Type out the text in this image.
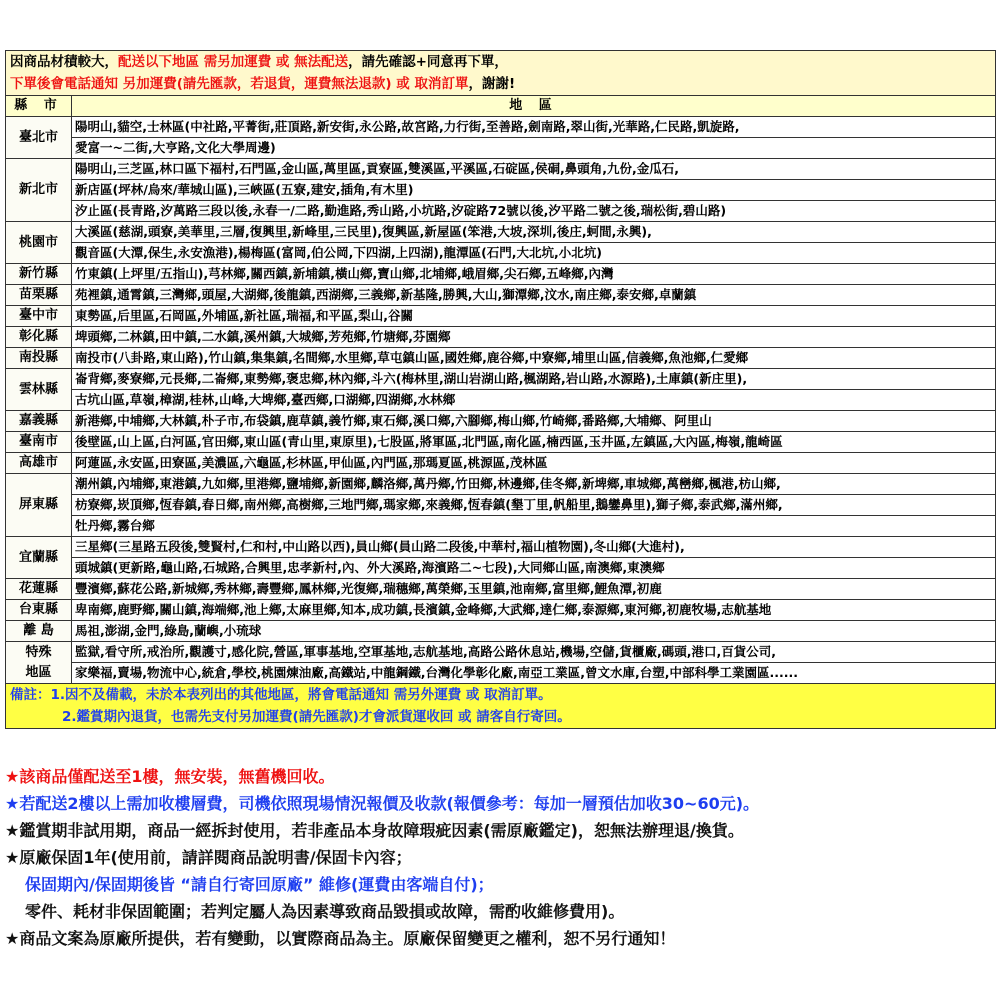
因商品材積較大，配送以下地區 需另加運費 或 無法配送，請先確認+同意再下單，
下單後會電話通知 另加運費(請先匯款，若退貨，運費無法退款) 或 取消訂單，謝謝!	

縣 市	地 區
臺北市	陽明山,貓空,士林區(中社路,平菁街,莊頂路,新安街,永公路,故宮路,力行街,至善路,劍南路,翠山街,光華路,仁民路,凱旋路,
	愛富一~二街,大亨路,文化大學周邊)
新北市	陽明山,三芝區,林口區下福村,石門區,金山區,萬里區,貢寮區,雙溪區,平溪區,石碇區,侯硐,鼻頭角,九份,金瓜石,
	新店區(坪林/烏來/華城山區),三峽區(五寮,建安,插角,有木里)
	汐止區(長青路,汐萬路三段以後,永春一/二路,勤進路,秀山路,小坑路,汐碇路72號以後,汐平路二號之後,瑞松街,碧山路)
桃園市	大溪區(慈湖,頭寮,美華里,三層,復興里,新峰里,三民里),復興區,新屋區(笨港,大坡,深圳,後庄,蚵間,永興),
	觀音區(大潭,保生,永安漁港),楊梅區(富岡,伯公岡,下四湖,上四湖),龍潭區(石門,大北坑,小北坑)
新竹縣	竹東鎮(上坪里/五指山),芎林鄉,關西鎮,新埔鎮,橫山鄉,寶山鄉,北埔鄉,峨眉鄉,尖石鄉,五峰鄉,內灣
苗栗縣	苑裡鎮,通霄鎮,三灣鄉,頭屋,大湖鄉,後龍鎮,西湖鄉,三義鄉,新基隆,勝興,大山,獅潭鄉,汶水,南庄鄉,泰安鄉,卓蘭鎮
臺中市	東勢區,后里區,石岡區,外埔區,新社區,瑞福,和平區,梨山,谷關
彰化縣	埤頭鄉,二林鎮,田中鎮,二水鎮,溪州鎮,大城鄉,芳苑鄉,竹塘鄉,芬園鄉
南投縣	南投市(八卦路,東山路),竹山鎮,集集鎮,名間鄉,水里鄉,草屯鎮山區,國姓鄉,鹿谷鄉,中寮鄉,埔里山區,信義鄉,魚池鄉,仁愛鄉
雲林縣	崙背鄉,麥寮鄉,元長鄉,二崙鄉,東勢鄉,褒忠鄉,林內鄉,斗六(梅林里,湖山岩湖山路,楓湖路,岩山路,水源路),土庫鎮(新庄里),
	古坑山區,草嶺,樟湖,桂林,山峰,大埤鄉,臺西鄉,口湖鄉,四湖鄉,水林鄉
嘉義縣	新港鄉,中埔鄉,大林鎮,朴子市,布袋鎮,鹿草鎮,義竹鄉,東石鄉,溪口鄉,六腳鄉,梅山鄉,竹崎鄉,番路鄉,大埔鄉、阿里山
臺南市	後壁區,山上區,白河區,官田鄉,東山區(青山里,東原里),七股區,將軍區,北門區,南化區,楠西區,玉井區,左鎮區,大內區,梅嶺,龍崎區
高雄市	阿蓮區,永安區,田寮區,美濃區,六龜區,杉林區,甲仙區,內門區,那瑪夏區,桃源區,茂林區
屏東縣	潮州鎮,內埔鄉,東港鎮,九如鄉,里港鄉,鹽埔鄉,新園鄉,麟洛鄉,萬丹鄉,竹田鄉,林邊鄉,佳冬鄉,新埤鄉,車城鄉,萬巒鄉,楓港,枋山鄉,
	枋寮鄉,崁頂鄉,恆春鎮,春日鄉,南州鄉,高樹鄉,三地門鄉,瑪家鄉,來義鄉,恆春鎮(墾丁里,帆船里,鵝鑾鼻里),獅子鄉,泰武鄉,滿州鄉,
	牡丹鄉,霧台鄉
宜蘭縣	三星鄉(三星路五段後,雙賢村,仁和村,中山路以西),員山鄉(員山路二段後,中華村,福山植物園),冬山鄉(大進村),
	頭城鎮(更新路,龜山路,石城路,合興里,忠孝新村,內、外大溪路,海濱路二~七段),大同鄉山區,南澳鄉,東澳鄉
花蓮縣	豐濱鄉,蘇花公路,新城鄉,秀林鄉,壽豐鄉,鳳林鄉,光復鄉,瑞穗鄉,萬榮鄉,玉里鎮,池南鄉,富里鄉,鯉魚潭,初鹿
台東縣	卑南鄉,鹿野鄉,關山鎮,海端鄉,池上鄉,太麻里鄉,知本,成功鎮,長濱鎮,金峰鄉,大武鄉,達仁鄉,泰源鄉,東河鄉,初鹿牧場,志航基地
離 島	馬祖,澎湖,金門,綠島,蘭嶼,小琉球

特殊
地區	監獄,看守所,戒治所,觀護寸,感化院,營區,軍事基地,空軍基地,志航基地,高路公路休息站,機場,空儲,貨櫃廠,碼頭,港口,百貨公司,
	家樂福,賣場,物流中心,統倉,學校,桃園煉油廠,高鐵站,中龍鋼鐵,台灣化學彰化廠,南亞工業區,曾文水庫,台塑,中部科學工業園區......

備註：1.因不及備載，未於本表列出的其他地區，將會電話通知 需另外運費 或 取消訂單。
2.鑑賞期內退貨，也需先支付另加運費(請先匯款)才會派貨運收回 或 請客自行寄回。	
★該商品僅配送至1樓，無安裝，無舊機回收。
★若配送2樓以上需加收樓層費，司機依照現場情況報價及收款(報價參考：每加一層預估加收30~60元)。
★鑑賞期非試用期，商品一經拆封使用，若非產品本身故障瑕疵因素(需原廠鑑定)，恕無法辦理退/換貨。
★原廠保固1年(使用前，請詳閱商品說明書/保固卡內容；
保固期內/保固期後皆 “請自行寄回原廠” 維修(運費由客端自付)；
零件、耗材非保固範圍；若判定屬人為因素導致商品毀損或故障，需酌收維修費用)。
★商品文案為原廠所提供，若有變動，以實際商品為主。原廠保留變更之權利，恕不另行通知！
